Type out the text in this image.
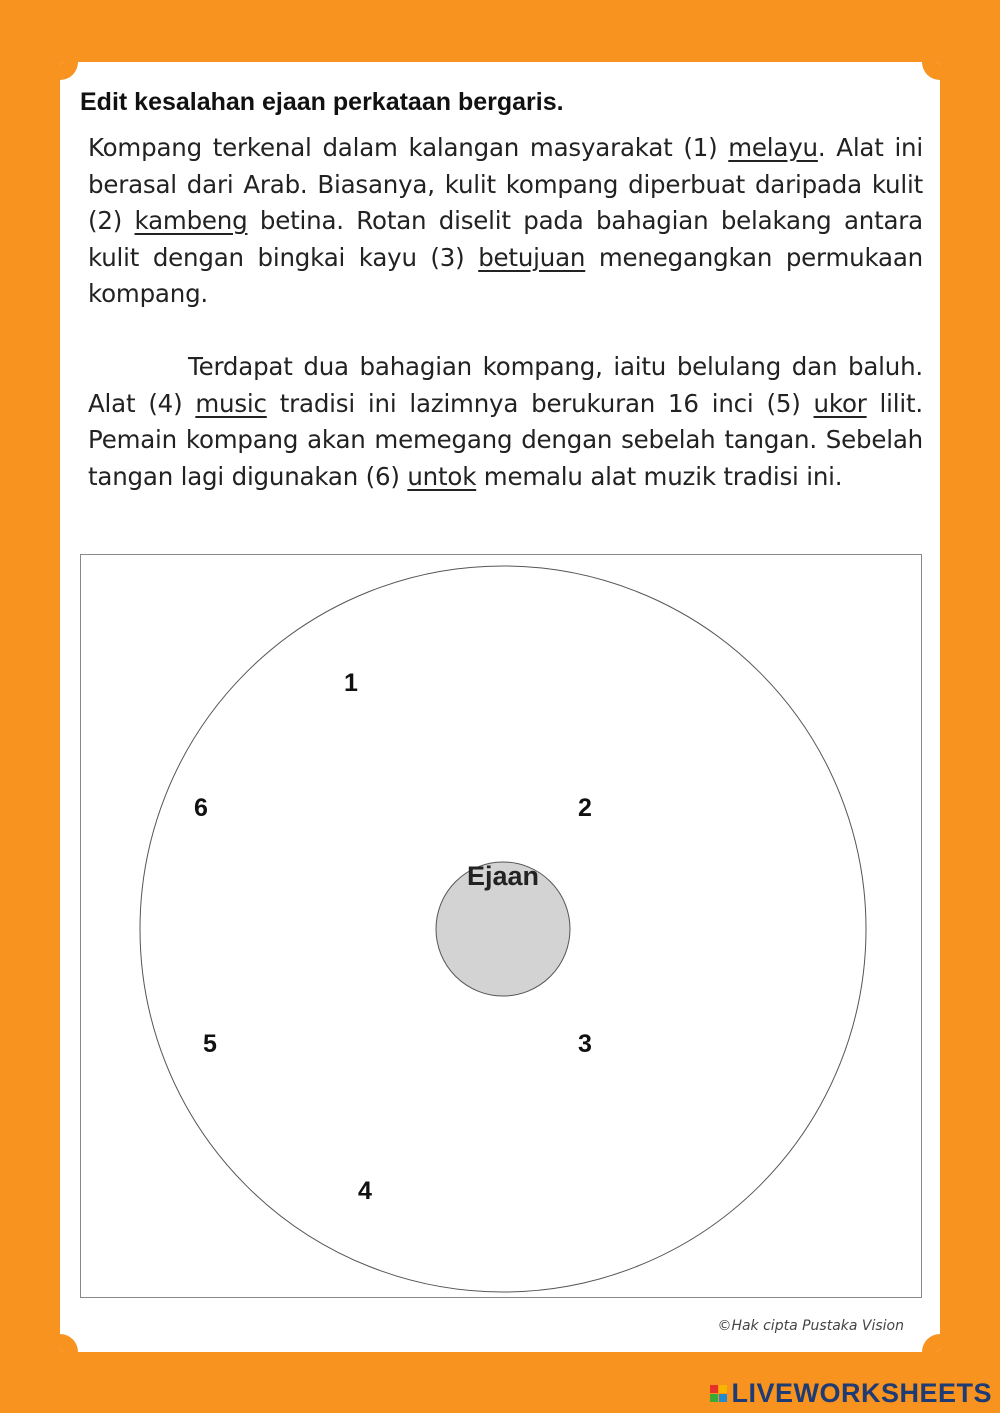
Edit kesalahan ejaan perkataan bergaris.

Kompang terkenal dalam kalangan masyarakat (1) melayu. Alat ini berasal dari Arab. Biasanya, kulit kompang diperbuat daripada kulit (2) kambeng betina. Rotan diselit pada bahagian belakang antara kulit dengan bingkai kayu (3) betujuan menegangkan permukaan kompang.

Terdapat dua bahagian kompang, iaitu belulang dan baluh. Alat (4) music tradisi ini lazimnya berukuran 16 inci (5) ukor lilit. Pemain kompang akan memegang dengan sebelah tangan. Sebelah tangan lagi digunakan (6) untok memalu alat muzik tradisi ini.

Ejaan
1
2
3
4
5
6
©Hak cipta Pustaka Vision
LIVEWORKSHEETS
